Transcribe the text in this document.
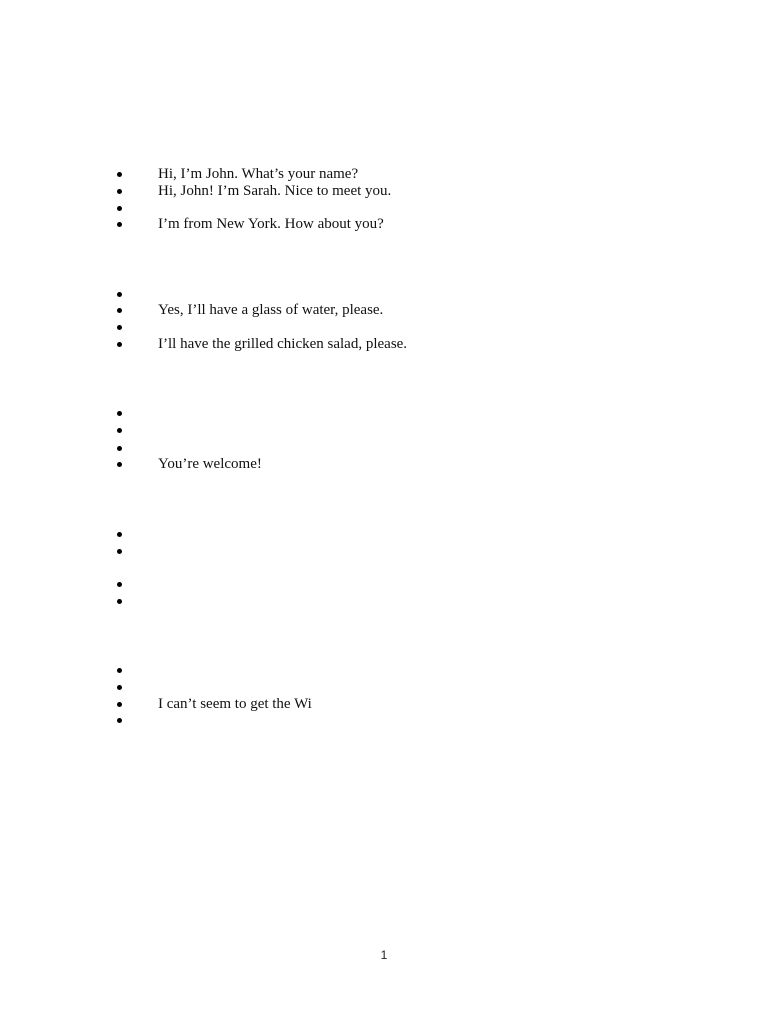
Hi, I’m John. What’s your name?
Hi, John! I’m Sarah. Nice to meet you.
I’m from New York. How about you?
Yes, I’ll have a glass of water, please.
I’ll have the grilled chicken salad, please.
You’re welcome!
I can’t seem to get the Wi
1
